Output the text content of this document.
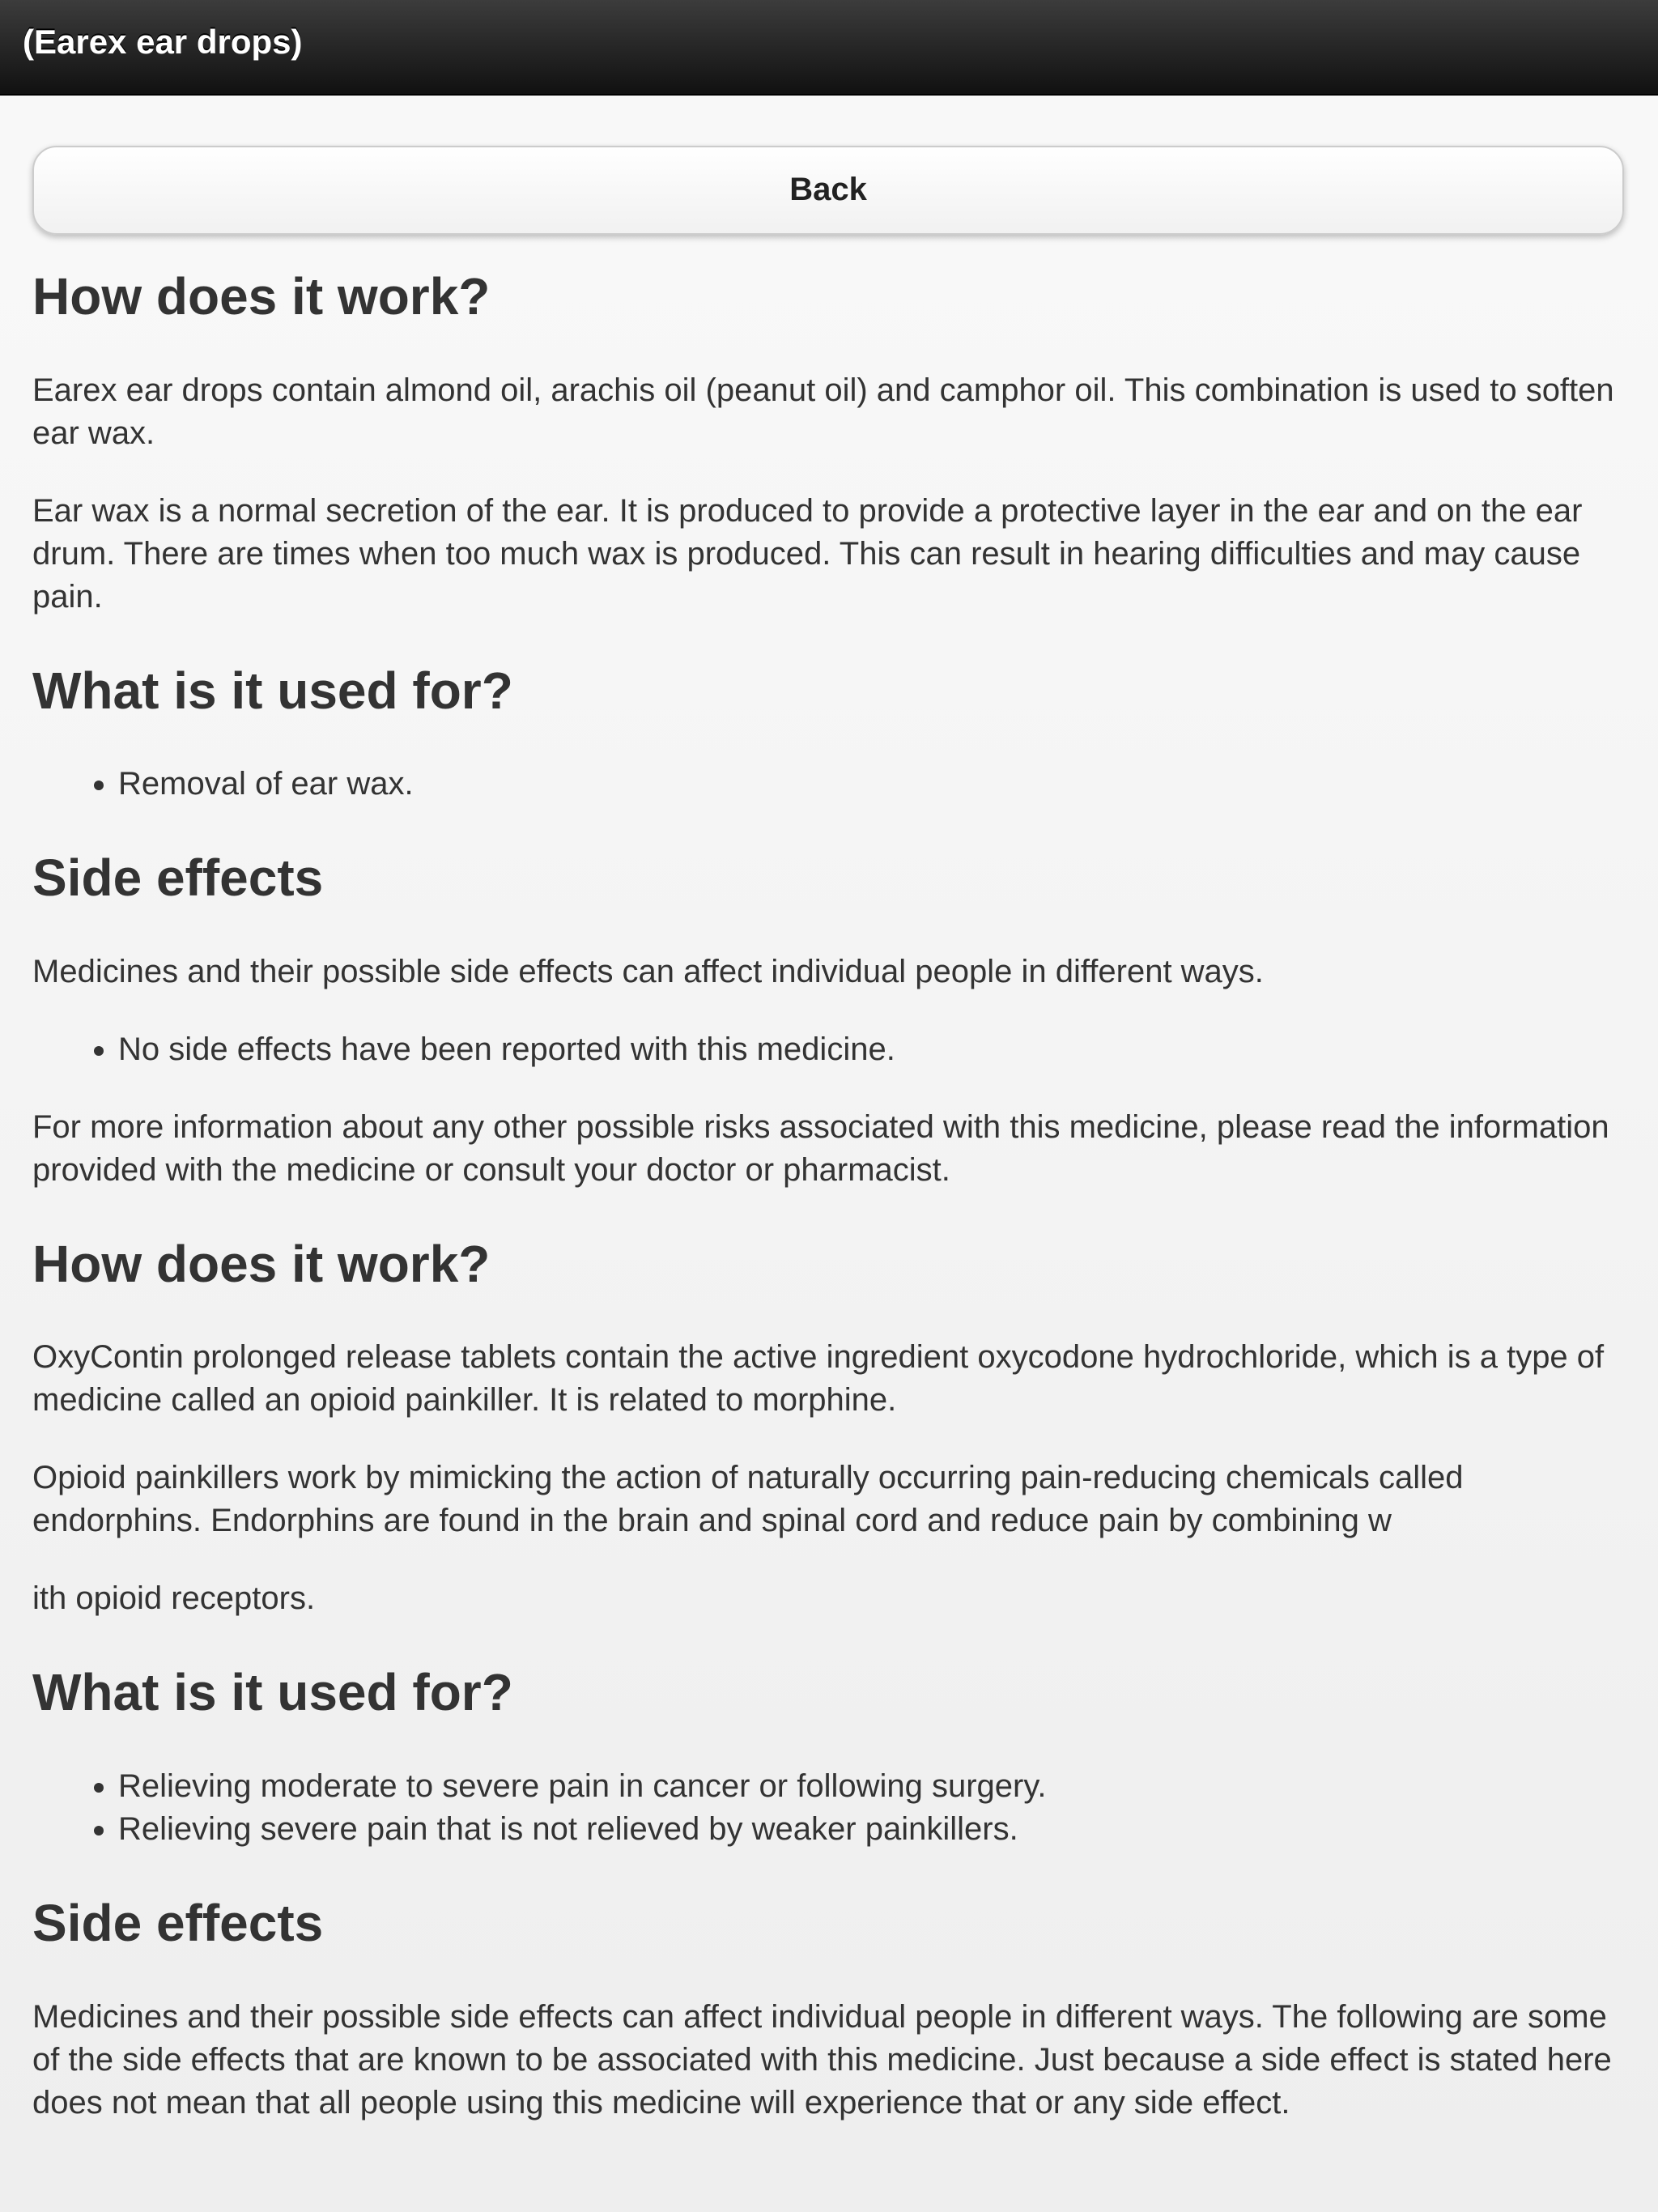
(Earex ear drops)
Back
How does it work?

Earex ear drops contain almond oil, arachis oil (peanut oil) and camphor oil. This combination is used to soften ear wax.

Ear wax is a normal secretion of the ear. It is produced to provide a protective layer in the ear and on the ear drum. There are times when too much wax is produced. This can result in hearing difficulties and may cause pain.

What is it used for?
• Removal of ear wax.
Side effects

Medicines and their possible side effects can affect individual people in different ways.

• No side effects have been reported with this medicine.

For more information about any other possible risks associated with this medicine, please read the information provided with the medicine or consult your doctor or pharmacist.

How does it work?

OxyContin prolonged release tablets contain the active ingredient oxycodone hydrochloride, which is a type of medicine called an opioid painkiller. It is related to morphine.

Opioid painkillers work by mimicking the action of naturally occurring pain-reducing chemicals called endorphins. Endorphins are found in the brain and spinal cord and reduce pain by combining w

ith opioid receptors.

What is it used for?
• Relieving moderate to severe pain in cancer or following surgery.
• Relieving severe pain that is not relieved by weaker painkillers.
Side effects

Medicines and their possible side effects can affect individual people in different ways. The following are some of the side effects that are known to be associated with this medicine. Just because a side effect is stated here does not mean that all people using this medicine will experience that or any side effect.
